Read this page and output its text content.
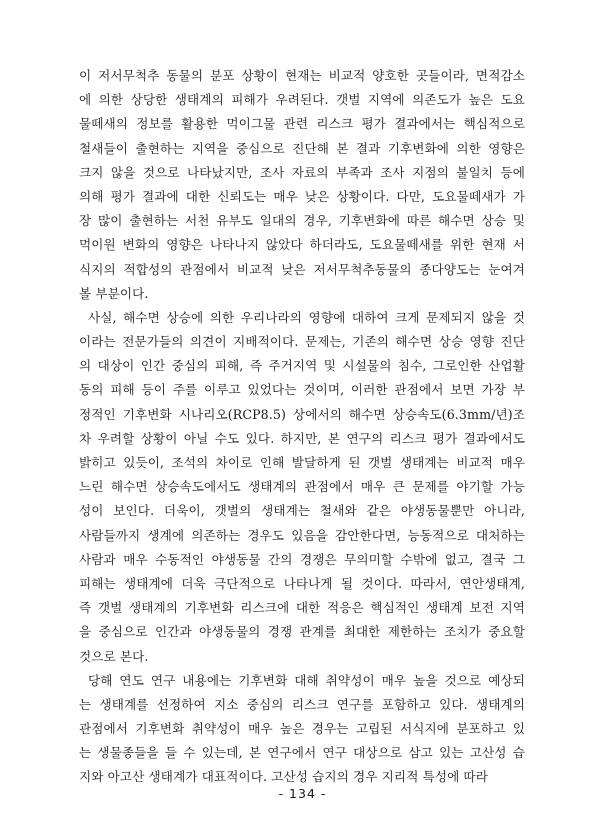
이 저서무척추 동물의 분포 상황이 현재는 비교적 양호한 곳들이라, 면적감소
에 의한 상당한 생태계의 피해가 우려된다. 갯벌 지역에 의존도가 높은 도요
물떼새의 정보를 활용한 먹이그물 관련 리스크 평가 결과에서는 핵심적으로
철새들이 출현하는 지역을 중심으로 진단해 본 결과 기후변화에 의한 영향은
크지 않을 것으로 나타났지만, 조사 자료의 부족과 조사 지점의 불일치 등에
의해 평가 결과에 대한 신뢰도는 매우 낮은 상황이다. 다만, 도요물떼새가 가
장 많이 출현하는 서천 유부도 일대의 경우, 기후변화에 따른 해수면 상승 및
먹이원 변화의 영향은 나타나지 않았다 하더라도, 도요물떼새를 위한 현재 서
식지의 적합성의 관점에서 비교적 낮은 저서무척추동물의 종다양도는 눈여겨
볼 부분이다.
사실, 해수면 상승에 의한 우리나라의 영향에 대하여 크게 문제되지 않을 것
이라는 전문가들의 의견이 지배적이다. 문제는, 기존의 해수면 상승 영향 진단
의 대상이 인간 중심의 피해, 즉 주거지역 및 시설물의 침수, 그로인한 산업활
동의 피해 등이 주를 이루고 있었다는 것이며, 이러한 관점에서 보면 가장 부
정적인 기후변화 시나리오(RCP8.5) 상에서의 해수면 상승속도(6.3mm/년)조
차 우려할 상황이 아닐 수도 있다. 하지만, 본 연구의 리스크 평가 결과에서도
밝히고 있듯이, 조석의 차이로 인해 발달하게 된 갯벌 생태계는 비교적 매우
느린 해수면 상승속도에서도 생태계의 관점에서 매우 큰 문제를 야기할 가능
성이 보인다. 더욱이, 갯벌의 생태계는 철새와 같은 야생동물뿐만 아니라,
사람들까지 생계에 의존하는 경우도 있음을 감안한다면, 능동적으로 대처하는
사람과 매우 수동적인 야생동물 간의 경쟁은 무의미할 수밖에 없고, 결국 그
피해는 생태계에 더욱 극단적으로 나타나게 될 것이다. 따라서, 연안생태계,
즉 갯벌 생태계의 기후변화 리스크에 대한 적응은 핵심적인 생태계 보전 지역
을 중심으로 인간과 야생동물의 경쟁 관계를 최대한 제한하는 조치가 중요할
것으로 본다.
당해 연도 연구 내용에는 기후변화 대해 취약성이 매우 높을 것으로 예상되
는 생태계를 선정하여 지소 중심의 리스크 연구를 포함하고 있다. 생태계의
관점에서 기후변화 취약성이 매우 높은 경우는 고립된 서식지에 분포하고 있
는 생물종들을 들 수 있는데, 본 연구에서 연구 대상으로 삼고 있는 고산성 습
지와 아고산 생태계가 대표적이다. 고산성 습지의 경우 지리적 특성에 따라
- 134 -
